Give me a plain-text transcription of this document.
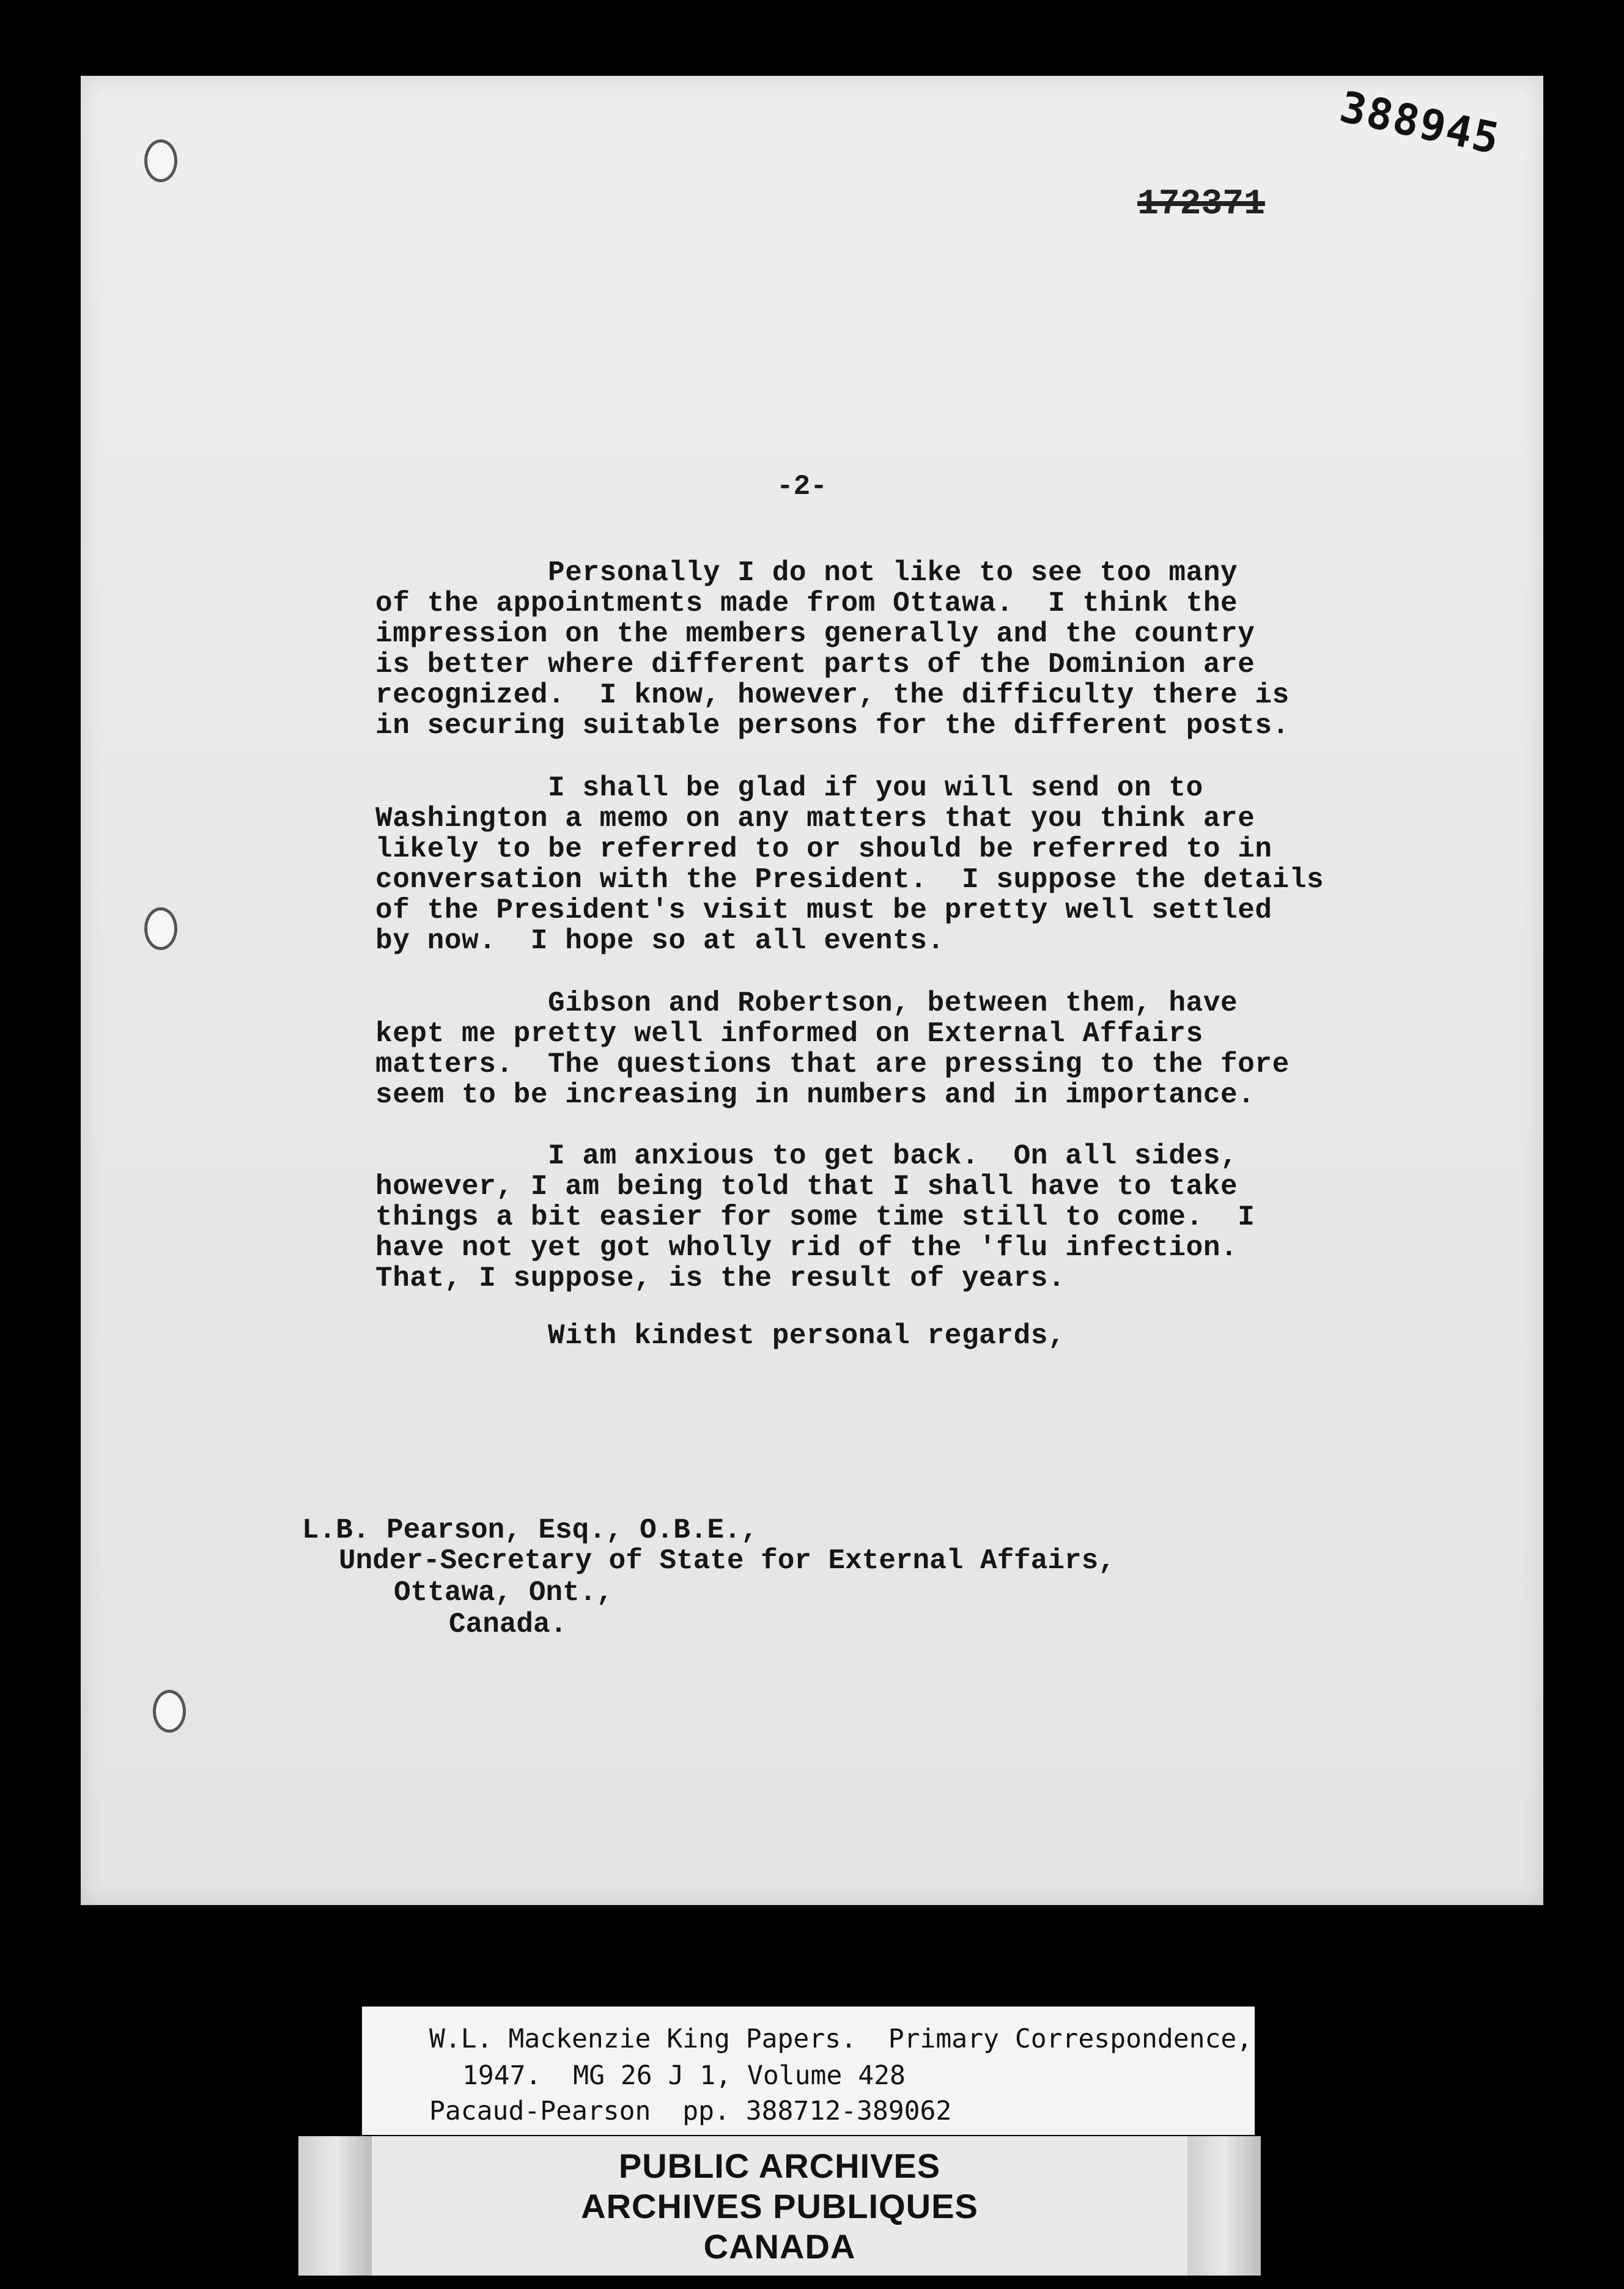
388945
172371
-2-

Personally I do not like to see too many
of the appointments made from Ottawa.  I think the
impression on the members generally and the country
is better where different parts of the Dominion are
recognized.  I know, however, the difficulty there is
in securing suitable persons for the different posts.

I shall be glad if you will send on to
Washington a memo on any matters that you think are
likely to be referred to or should be referred to in
conversation with the President.  I suppose the details
of the President's visit must be pretty well settled
by now.  I hope so at all events.

Gibson and Robertson, between them, have
kept me pretty well informed on External Affairs
matters.  The questions that are pressing to the fore
seem to be increasing in numbers and in importance.

I am anxious to get back.  On all sides,
however, I am being told that I shall have to take
things a bit easier for some time still to come.  I
have not yet got wholly rid of the 'flu infection.
That, I suppose, is the result of years.

With kindest personal regards,

L.B. Pearson, Esq., O.B.E.,

Under-Secretary of State for External Affairs,

Ottawa, Ont.,

Canada.

W.L. Mackenzie King Papers.  Primary Correspondence,
1947.  MG 26 J 1, Volume 428
Pacaud-Pearson  pp. 388712-389062
PUBLIC ARCHIVES
ARCHIVES PUBLIQUES
CANADA
